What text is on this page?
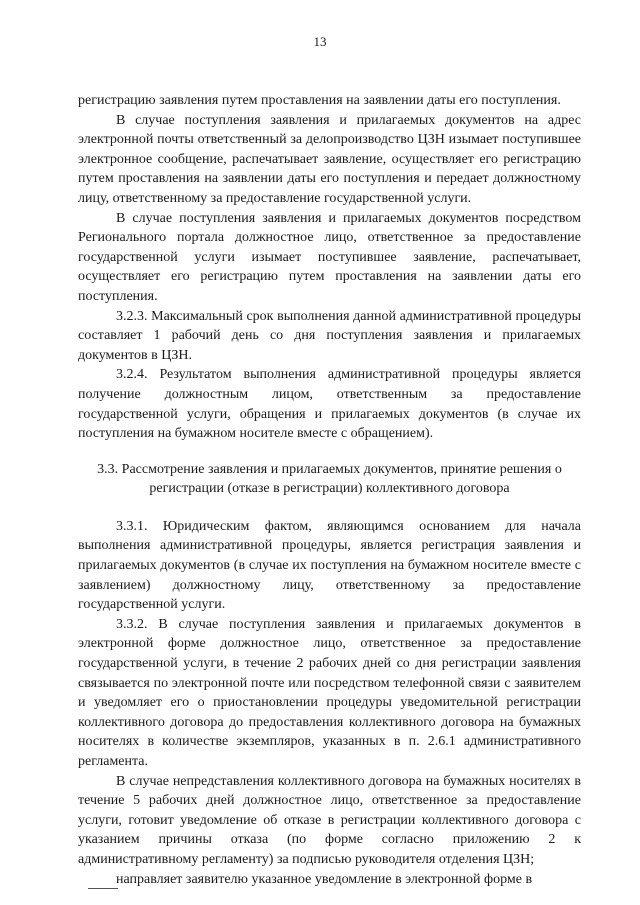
13

регистрацию заявления путем проставления на заявлении даты его поступления.

В случае поступления заявления и прилагаемых документов на адрес электронной почты ответственный за делопроизводство ЦЗН изымает поступившее электронное сообщение, распечатывает заявление, осуществляет его регистрацию путем проставления на заявлении даты его поступления и передает должностному лицу, ответственному за предоставление государственной услуги.

В случае поступления заявления и прилагаемых документов посредством Регионального портала должностное лицо, ответственное за предоставление государственной услуги изымает поступившее заявление, распечатывает, осуществляет его регистрацию путем проставления на заявлении даты его поступления.

3.2.3. Максимальный срок выполнения данной административной процедуры составляет 1 рабочий день со дня поступления заявления и прилагаемых документов в ЦЗН.

3.2.4. Результатом выполнения административной процедуры является получение должностным лицом, ответственным за предоставление государственной услуги, обращения и прилагаемых документов (в случае их поступления на бумажном носителе вместе с обращением).

3.3. Рассмотрение заявления и прилагаемых документов, принятие решения о регистрации (отказе в регистрации) коллективного договора

3.3.1. Юридическим фактом, являющимся основанием для начала выполнения административной процедуры, является регистрация заявления и прилагаемых документов (в случае их поступления на бумажном носителе вместе с заявлением) должностному лицу, ответственному за предоставление государственной услуги.

3.3.2. В случае поступления заявления и прилагаемых документов в электронной форме должностное лицо, ответственное за предоставление государственной услуги, в течение 2 рабочих дней со дня регистрации заявления связывается по электронной почте или посредством телефонной связи с заявителем и уведомляет его о приостановлении процедуры уведомительной регистрации коллективного договора до предоставления коллективного договора на бумажных носителях в количестве экземпляров, указанных в п. 2.6.1 административного регламента.

В случае непредставления коллективного договора на бумажных носителях в течение 5 рабочих дней должностное лицо, ответственное за предоставление услуги, готовит уведомление об отказе в регистрации коллективного договора с указанием причины отказа (по форме согласно приложению 2 к административному регламенту) за подписью руководителя отделения ЦЗН;

направляет заявителю указанное уведомление в электронной форме в
